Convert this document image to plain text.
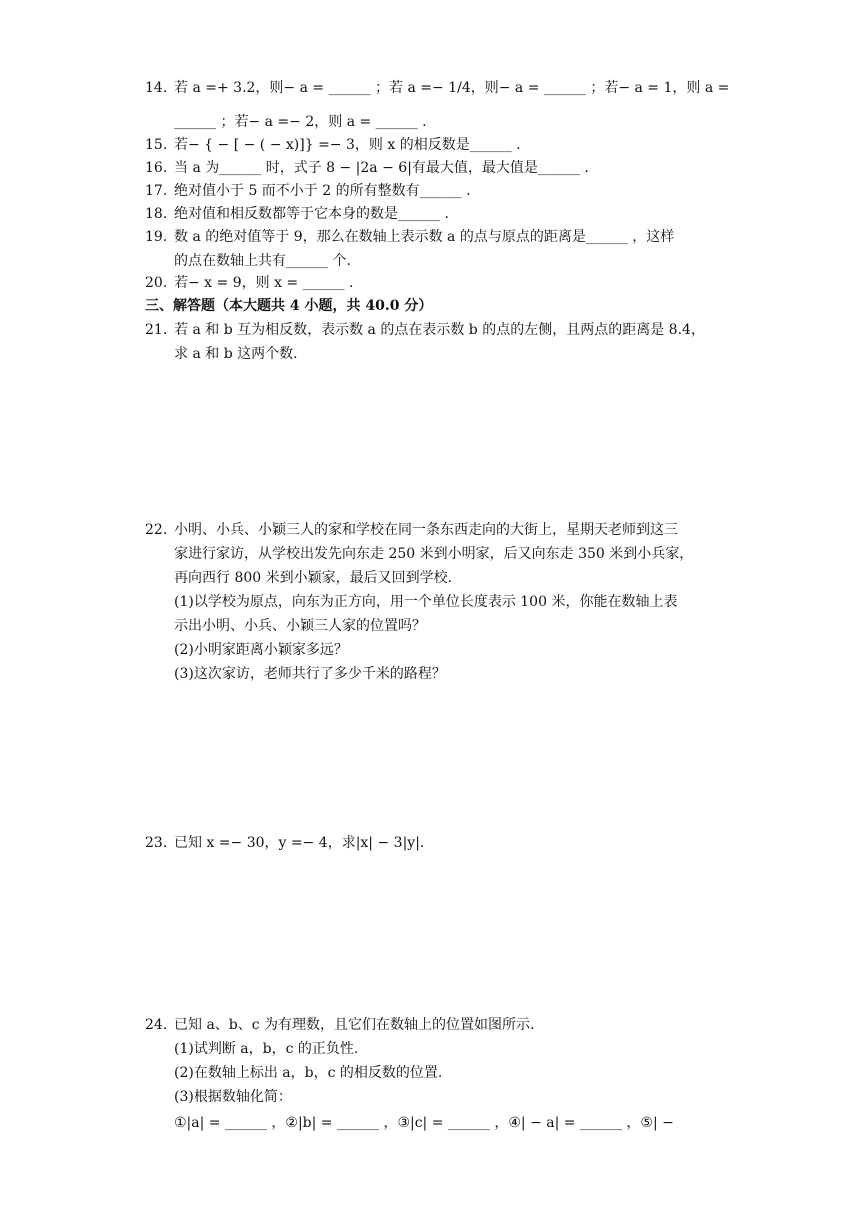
14. 若 a =+ 3.2，则− a = ______ ；若 a =− 1/4，则− a = ______ ；若− a = 1，则 a =
______ ；若− a =− 2，则 a = ______ .
15. 若− { − [ − ( − x)]} =− 3，则 x 的相反数是______ .
16. 当 a 为______ 时，式子 8 − |2a − 6|有最大值，最大值是______ .
17. 绝对值小于 5 而不小于 2 的所有整数有______ .
18. 绝对值和相反数都等于它本身的数是______ .
19. 数 a 的绝对值等于 9，那么在数轴上表示数 a 的点与原点的距离是______ ，这样
的点在数轴上共有______ 个.
20. 若− x = 9，则 x = ______ .
三、解答题（本大题共 4 小题，共 40.0 分）
21. 若 a 和 b 互为相反数，表示数 a 的点在表示数 b 的点的左侧，且两点的距离是 8.4，
求 a 和 b 这两个数.
22. 小明、小兵、小颖三人的家和学校在同一条东西走向的大街上，星期天老师到这三
家进行家访，从学校出发先向东走 250 米到小明家，后又向东走 350 米到小兵家，
再向西行 800 米到小颖家，最后又回到学校.
(1)以学校为原点，向东为正方向，用一个单位长度表示 100 米，你能在数轴上表
示出小明、小兵、小颖三人家的位置吗？
(2)小明家距离小颖家多远？
(3)这次家访，老师共行了多少千米的路程？
23. 已知 x =− 30，y =− 4，求|x| − 3|y|.
24. 已知 a、b、c 为有理数，且它们在数轴上的位置如图所示.
(1)试判断 a，b，c 的正负性.
(2)在数轴上标出 a，b，c 的相反数的位置.
(3)根据数轴化简：
①|a| = ______ ，②|b| = ______ ，③|c| = ______ ，④| − a| = ______ ，⑤| −
